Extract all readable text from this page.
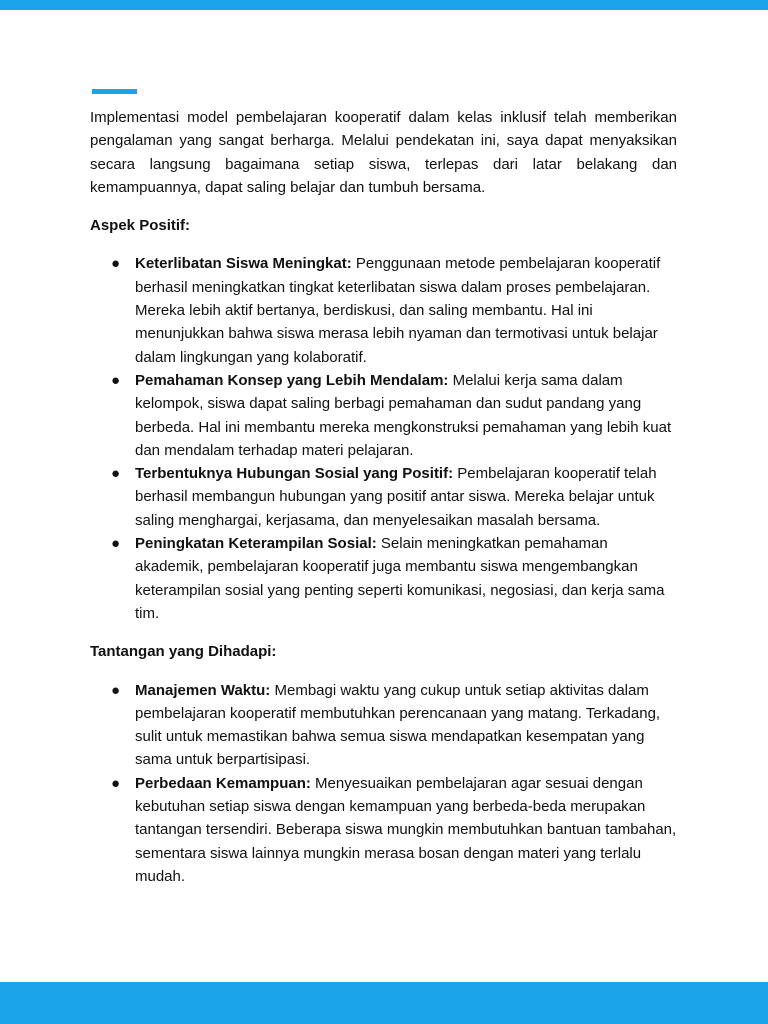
Implementasi model pembelajaran kooperatif dalam kelas inklusif telah memberikan pengalaman yang sangat berharga. Melalui pendekatan ini, saya dapat menyaksikan secara langsung bagaimana setiap siswa, terlepas dari latar belakang dan kemampuannya, dapat saling belajar dan tumbuh bersama.

Aspek Positif:

● Keterlibatan Siswa Meningkat: Penggunaan metode pembelajaran kooperatif berhasil meningkatkan tingkat keterlibatan siswa dalam proses pembelajaran. Mereka lebih aktif bertanya, berdiskusi, dan saling membantu. Hal ini menunjukkan bahwa siswa merasa lebih nyaman dan termotivasi untuk belajar dalam lingkungan yang kolaboratif.
● Pemahaman Konsep yang Lebih Mendalam: Melalui kerja sama dalam kelompok, siswa dapat saling berbagi pemahaman dan sudut pandang yang berbeda. Hal ini membantu mereka mengkonstruksi pemahaman yang lebih kuat dan mendalam terhadap materi pelajaran.
● Terbentuknya Hubungan Sosial yang Positif: Pembelajaran kooperatif telah berhasil membangun hubungan yang positif antar siswa. Mereka belajar untuk saling menghargai, kerjasama, dan menyelesaikan masalah bersama.
● Peningkatan Keterampilan Sosial: Selain meningkatkan pemahaman akademik, pembelajaran kooperatif juga membantu siswa mengembangkan keterampilan sosial yang penting seperti komunikasi, negosiasi, dan kerja sama tim.

Tantangan yang Dihadapi:

● Manajemen Waktu: Membagi waktu yang cukup untuk setiap aktivitas dalam pembelajaran kooperatif membutuhkan perencanaan yang matang. Terkadang, sulit untuk memastikan bahwa semua siswa mendapatkan kesempatan yang sama untuk berpartisipasi.
● Perbedaan Kemampuan: Menyesuaikan pembelajaran agar sesuai dengan kebutuhan setiap siswa dengan kemampuan yang berbeda-beda merupakan tantangan tersendiri. Beberapa siswa mungkin membutuhkan bantuan tambahan, sementara siswa lainnya mungkin merasa bosan dengan materi yang terlalu mudah.
